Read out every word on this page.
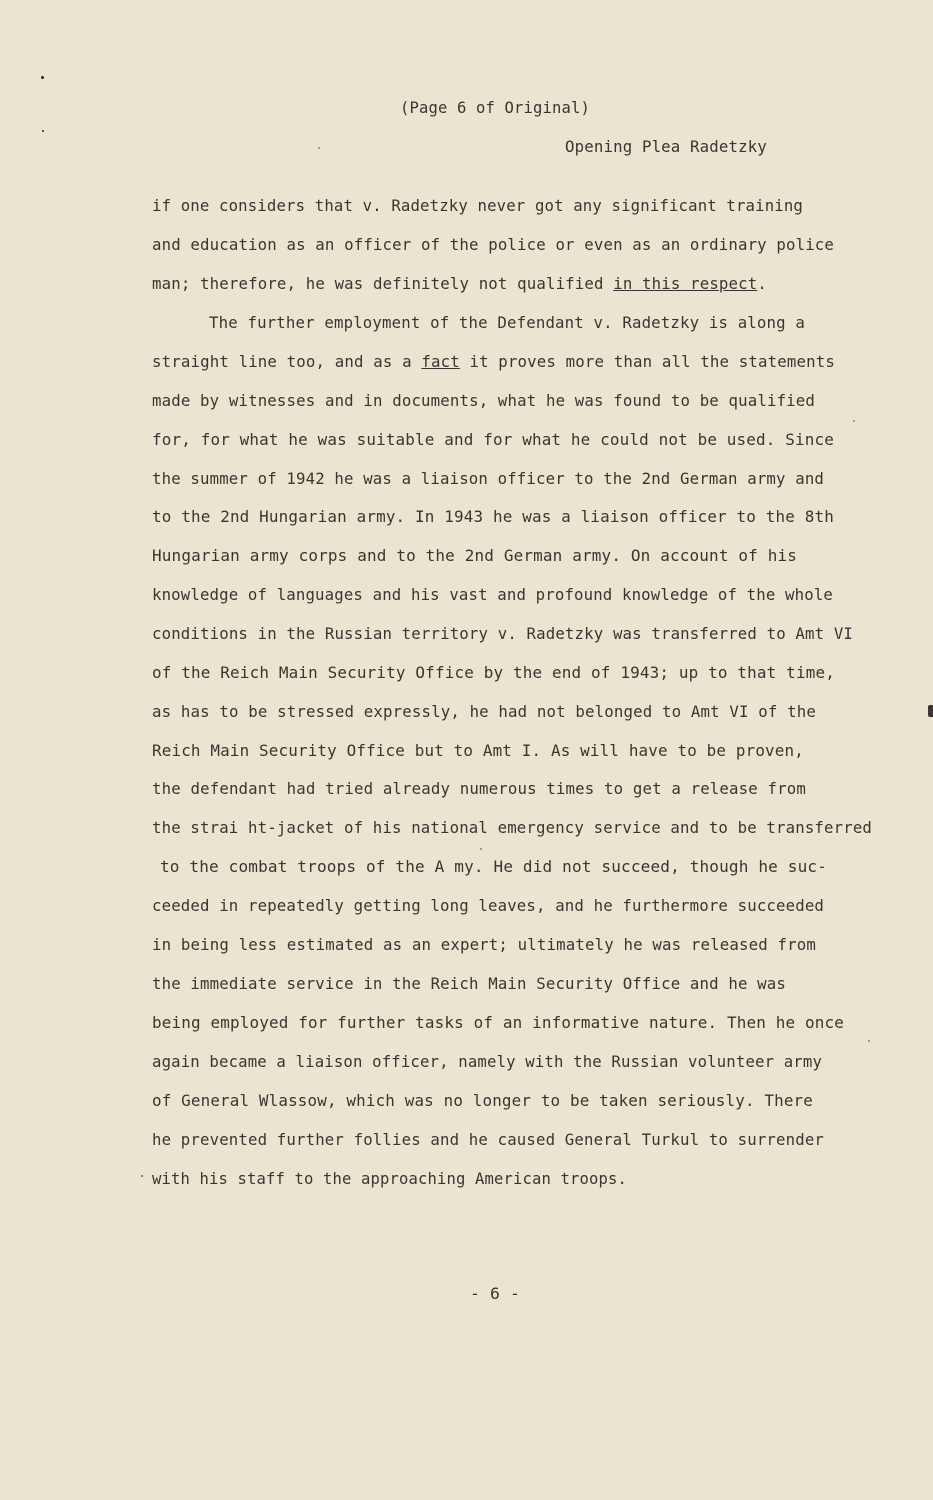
(Page 6 of Original)
Opening Plea Radetzky
if one considers that v. Radetzky never got any significant training
and education as an officer of the police or even as an ordinary police
man; therefore, he was definitely not qualified in this respect.
The further employment of the Defendant v. Radetzky is along a
straight line too, and as a fact it proves more than all the statements
made by witnesses and in documents, what he was found to be qualified
for, for what he was suitable and for what he could not be used. Since
the summer of 1942 he was a liaison officer to the 2nd German army and
to the 2nd Hungarian army. In 1943 he was a liaison officer to the 8th
Hungarian army corps and to the 2nd German army. On account of his
knowledge of languages and his vast and profound knowledge of the whole
conditions in the Russian territory v. Radetzky was transferred to Amt VI
of the Reich Main Security Office by the end of 1943; up to that time,
as has to be stressed expressly, he had not belonged to Amt VI of the
Reich Main Security Office but to Amt I. As will have to be proven,
the defendant had tried already numerous times to get a release from
the strai ht-jacket of his national emergency service and to be transferred
to the combat troops of the A my. He did not succeed, though he suc-
ceeded in repeatedly getting long leaves, and he furthermore succeeded
in being less estimated as an expert; ultimately he was released from
the immediate service in the Reich Main Security Office and he was
being employed for further tasks of an informative nature. Then he once
again became a liaison officer, namely with the Russian volunteer army
of General Wlassow, which was no longer to be taken seriously. There
he prevented further follies and he caused General Turkul to surrender
with his staff to the approaching American troops.
- 6 -
